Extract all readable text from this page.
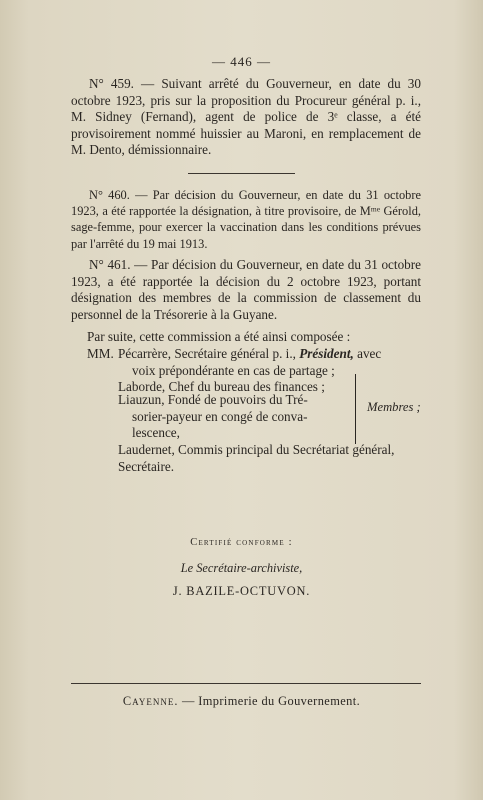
— 446 —
N° 459. — Suivant arrêté du Gouverneur, en date du 30 octobre 1923, pris sur la proposition du Procureur général p. i., M. Sidney (Fernand), agent de police de 3ᵉ classe, a été provisoirement nommé huissier au Maroni, en remplacement de M. Dento, démissionnaire.
N° 460. — Par décision du Gouverneur, en date du 31 octobre 1923, a été rapportée la désignation, à titre provisoire, de Mᵐᵉ Gérold, sage-femme, pour exercer la vaccination dans les conditions prévues par l'arrêté du 19 mai 1913.
N° 461. — Par décision du Gouverneur, en date du 31 octobre 1923, a été rapportée la décision du 2 octobre 1923, portant désignation des membres de la commission de classement du personnel de la Trésorerie à la Guyane.
Par suite, cette commission a été ainsi composée :
MM. Pécarrère, Secrétaire général p. i., Président, avec
voix prépondérante en cas de partage ;
Laborde, Chef du bureau des finances ;
Liauzun, Fondé de pouvoirs du Tré-
sorier-payeur en congé de conva-
lescence,
Membres ;
Laudernet, Commis principal du Secrétariat général,
Secrétaire.
Certifié conforme :
Le Secrétaire-archiviste,
J. BAZILE-OCTUVON.
Cayenne. — Imprimerie du Gouvernement.
